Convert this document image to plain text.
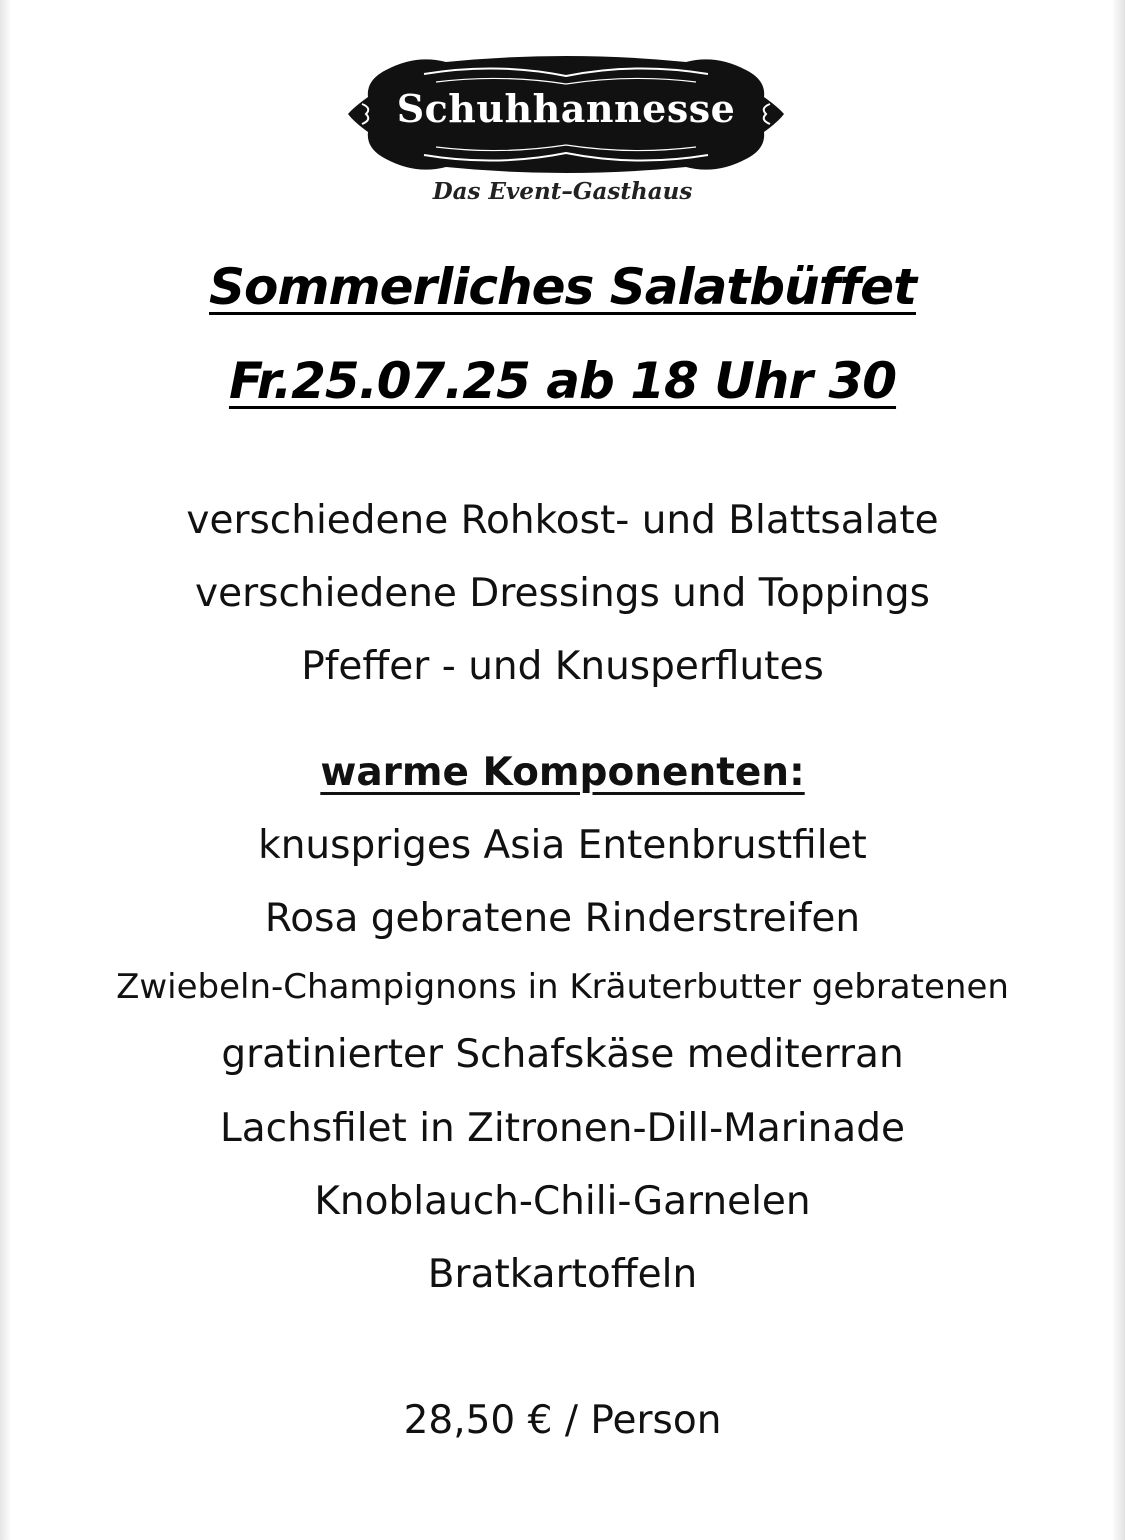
Schuhhannesse
Das Event–Gasthaus
Sommerliches Salatbüffet
Fr.25.07.25 ab 18 Uhr 30
verschiedene Rohkost- und Blattsalate
verschiedene Dressings und Toppings
Pfeffer - und Knusperflutes
warme Komponenten:
knuspriges Asia Entenbrustfilet
Rosa gebratene Rinderstreifen
Zwiebeln-Champignons in Kräuterbutter gebratenen
gratinierter Schafskäse mediterran
Lachsfilet in Zitronen-Dill-Marinade
Knoblauch-Chili-Garnelen
Bratkartoffeln
28,50 € / Person
